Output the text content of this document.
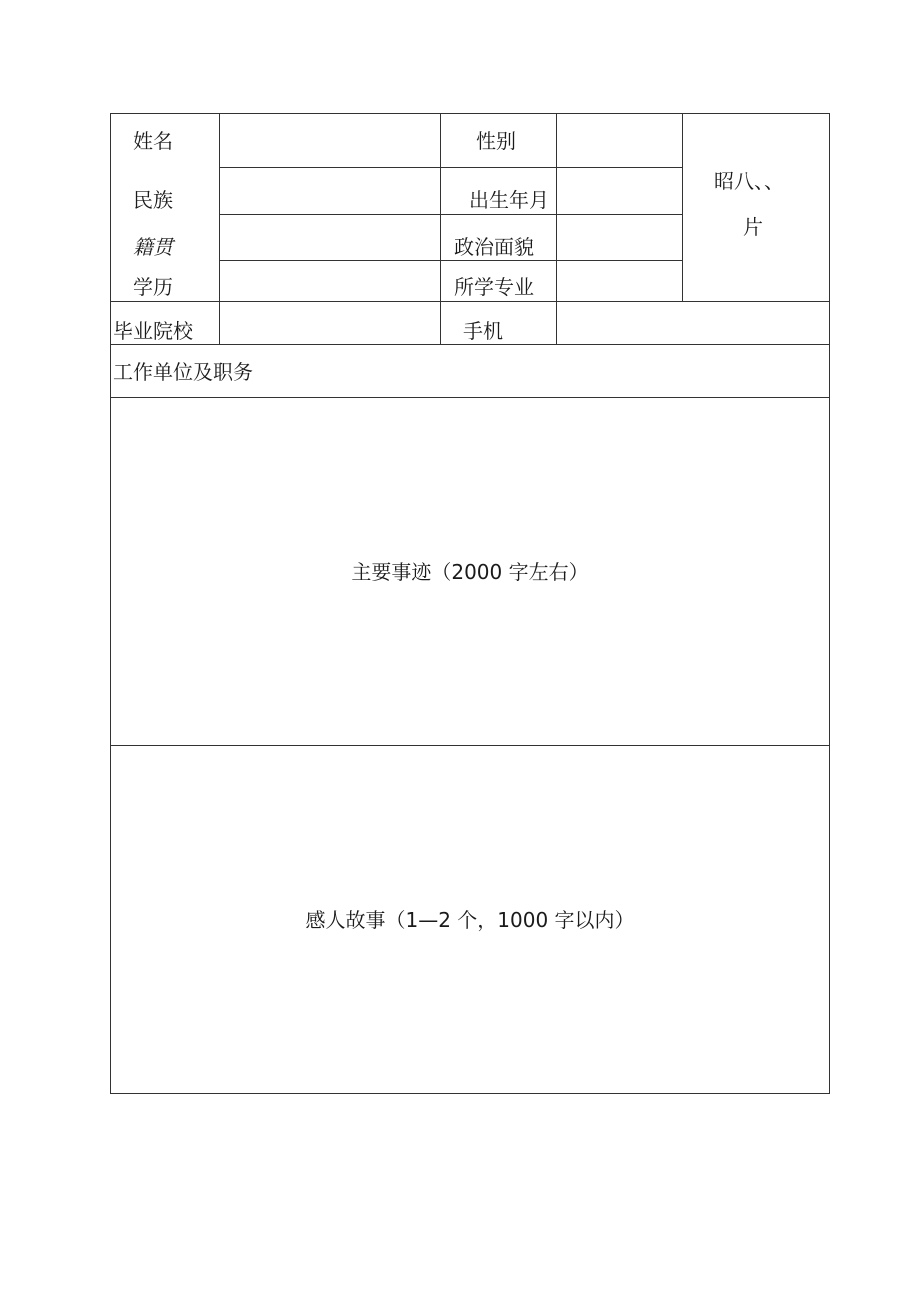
姓名	性别
民族	出生年月
籍贯	政治面貌
学历	所学专业
昭八、、
片
毕业院校	手机
工作单位及职务
主要事迹（2000 字左右）
感人故事（1—2 个，1000 字以内）
